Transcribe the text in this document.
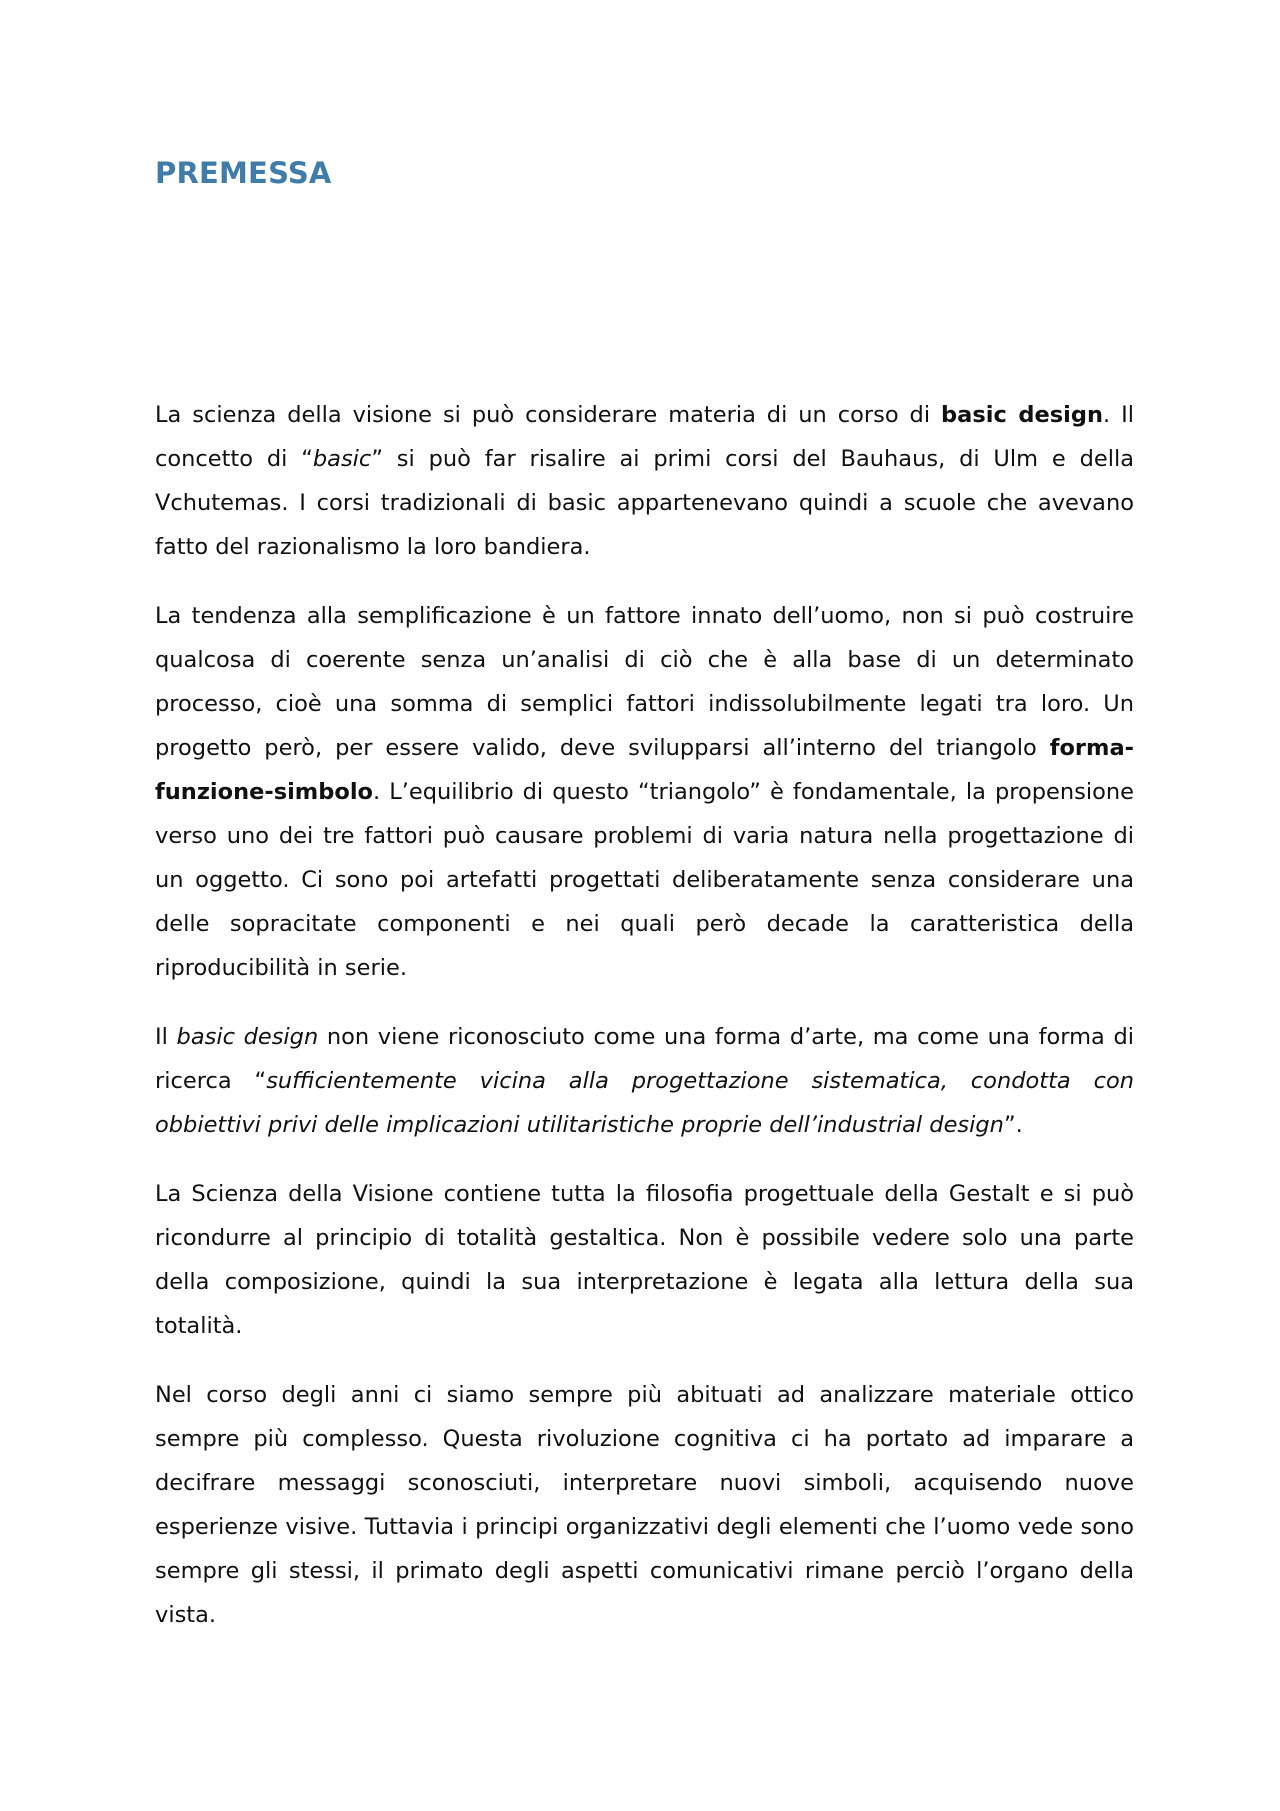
PREMESSA

La scienza della visione si può considerare materia di un corso di basic design. Il concetto di “basic” si può far risalire ai primi corsi del Bauhaus, di Ulm e della Vchutemas. I corsi tradizionali di basic appartenevano quindi a scuole che avevano fatto del razionalismo la loro bandiera.

La tendenza alla semplificazione è un fattore innato dell’uomo, non si può costruire qualcosa di coerente senza un’analisi di ciò che è alla base di un determinato processo, cioè una somma di semplici fattori indissolubilmente legati tra loro. Un progetto però, per essere valido, deve svilupparsi all’interno del triangolo forma-funzione-simbolo. L’equilibrio di questo “triangolo” è fondamentale, la propensione verso uno dei tre fattori può causare problemi di varia natura nella progettazione di un oggetto. Ci sono poi artefatti progettati deliberatamente senza considerare una delle sopracitate componenti e nei quali però decade la caratteristica della riproducibilità in serie.

Il basic design non viene riconosciuto come una forma d’arte, ma come una forma di ricerca “sufficientemente vicina alla progettazione sistematica, condotta con obbiettivi privi delle implicazioni utilitaristiche proprie dell’industrial design”.

La Scienza della Visione contiene tutta la filosofia progettuale della Gestalt e si può ricondurre al principio di totalità gestaltica. Non è possibile vedere solo una parte della composizione, quindi la sua interpretazione è legata alla lettura della sua totalità.

Nel corso degli anni ci siamo sempre più abituati ad analizzare materiale ottico sempre più complesso. Questa rivoluzione cognitiva ci ha portato ad imparare a decifrare messaggi sconosciuti, interpretare nuovi simboli, acquisendo nuove esperienze visive. Tuttavia i principi organizzativi degli elementi che l’uomo vede sono sempre gli stessi, il primato degli aspetti comunicativi rimane perciò l’organo della vista.
